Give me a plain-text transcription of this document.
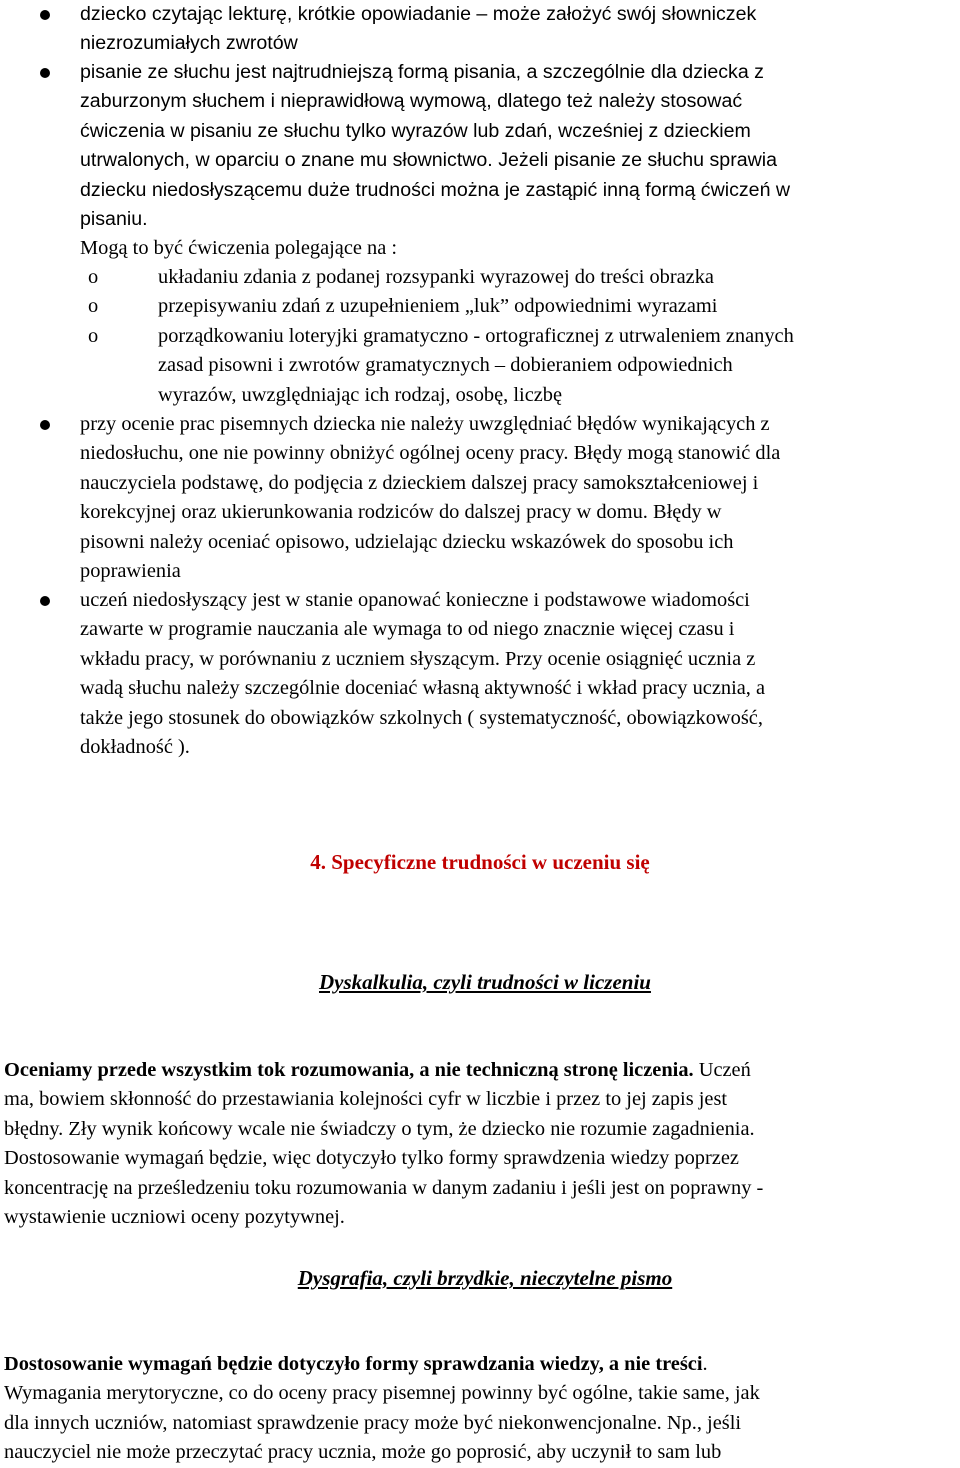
dziecko czytając lekturę, krótkie opowiadanie – może założyć swój słowniczek
niezrozumiałych zwrotów
pisanie ze słuchu jest najtrudniejszą formą pisania, a szczególnie dla dziecka z
zaburzonym słuchem i nieprawidłową wymową, dlatego też należy stosować
ćwiczenia w pisaniu ze słuchu tylko wyrazów lub zdań, wcześniej z dzieckiem
utrwalonych, w oparciu o znane mu słownictwo. Jeżeli pisanie ze słuchu sprawia
dziecku niedosłyszącemu duże trudności można je zastąpić inną formą ćwiczeń w
pisaniu.
Mogą to być ćwiczenia polegające na :
o	układaniu zdania z podanej rozsypanki wyrazowej do treści obrazka
o	przepisywaniu zdań z uzupełnieniem „luk” odpowiednimi wyrazami
o	porządkowaniu loteryjki gramatyczno - ortograficznej z utrwaleniem znanych
zasad pisowni i zwrotów gramatycznych – dobieraniem odpowiednich
wyrazów, uwzględniając ich rodzaj, osobę, liczbę
przy ocenie prac pisemnych dziecka nie należy uwzględniać błędów wynikających z
niedosłuchu, one nie powinny obniżyć ogólnej oceny pracy. Błędy mogą stanowić dla
nauczyciela podstawę, do podjęcia z dzieckiem dalszej pracy samokształceniowej i
korekcyjnej oraz ukierunkowania rodziców do dalszej pracy w domu. Błędy w
pisowni należy oceniać opisowo, udzielając dziecku wskazówek do sposobu ich
poprawienia
uczeń niedosłyszący jest w stanie opanować konieczne i podstawowe wiadomości
zawarte w programie nauczania ale wymaga to od niego znacznie więcej czasu i
wkładu pracy, w porównaniu z uczniem słyszącym. Przy ocenie osiągnięć ucznia z
wadą słuchu należy szczególnie doceniać własną aktywność i wkład pracy ucznia, a
także jego stosunek do obowiązków szkolnych ( systematyczność, obowiązkowość,
dokładność ).
4. Specyficzne trudności w uczeniu się
Dyskalkulia, czyli trudności w liczeniu
Oceniamy przede wszystkim tok rozumowania, a nie techniczną stronę liczenia. Uczeń
ma, bowiem skłonność do przestawiania kolejności cyfr w liczbie i przez to jej zapis jest
błędny. Zły wynik końcowy wcale nie świadczy o tym, że dziecko nie rozumie zagadnienia.
Dostosowanie wymagań będzie, więc dotyczyło tylko formy sprawdzenia wiedzy poprzez
koncentrację na prześledzeniu toku rozumowania w danym zadaniu i jeśli jest on poprawny -
wystawienie uczniowi oceny pozytywnej.
Dysgrafia, czyli brzydkie, nieczytelne pismo
Dostosowanie wymagań będzie dotyczyło formy sprawdzania wiedzy, a nie treści.
Wymagania merytoryczne, co do oceny pracy pisemnej powinny być ogólne, takie same, jak
dla innych uczniów, natomiast sprawdzenie pracy może być niekonwencjonalne. Np., jeśli
nauczyciel nie może przeczytać pracy ucznia, może go poprosić, aby uczynił to sam lub
